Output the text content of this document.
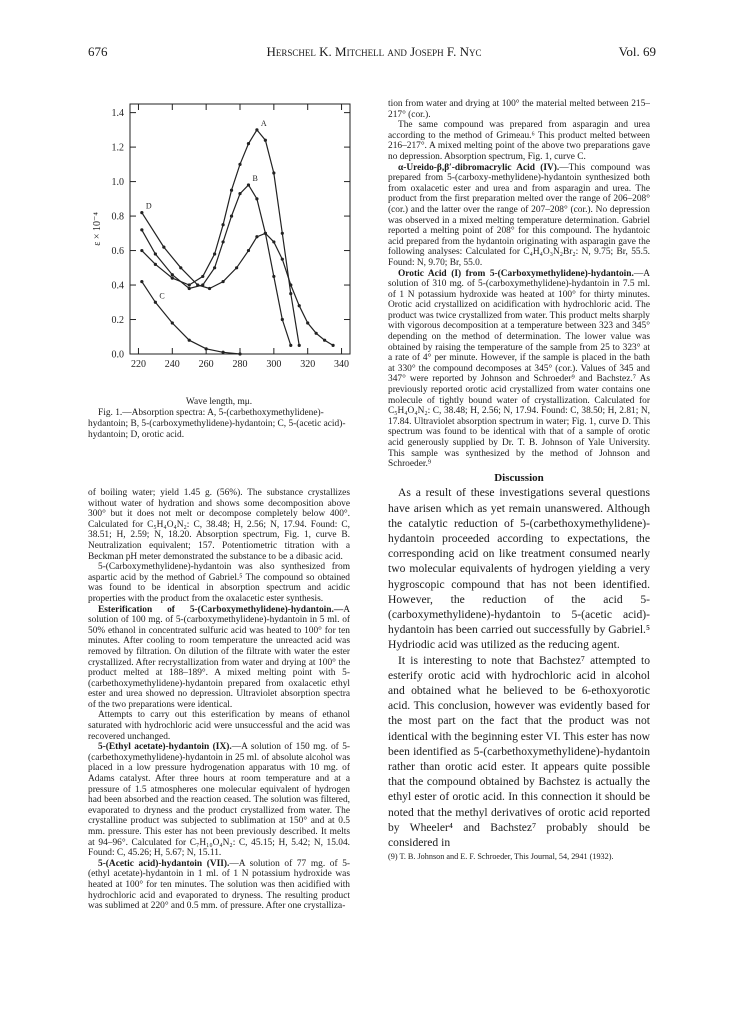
676	Herschel K. Mitchell and Joseph F. Nyc	Vol. 69
1.4
1.2
1.0
0.8
0.6
0.4
0.2
0.0
220 240 260 280 300 320 340
ε × 10⁻⁴
A
B
C
D

Wave length, mμ.

Fig. 1.—Absorption spectra: A, 5-(carbethoxymethylidene)-hydantoin; B, 5-(carboxymethylidene)-hydantoin; C, 5-(acetic acid)-hydantoin; D, orotic acid.

of boiling water; yield 1.45 g. (56%). The substance crystallizes without water of hydration and shows some decomposition above 300° but it does not melt or decompose completely below 400°. Calculated for C₅H₄O₄N₂: C, 38.48; H, 2.56; N, 17.94. Found: C, 38.51; H, 2.59; N, 18.20. Absorption spectrum, Fig. 1, curve B. Neutralization equivalent; 157. Potentiometric titration with a Beckman pH meter demonstrated the substance to be a dibasic acid.

5-(Carboxymethylidene)-hydantoin was also synthesized from aspartic acid by the method of Gabriel.⁵ The compound so obtained was found to be identical in absorption spectrum and acidic properties with the product from the oxalacetic ester synthesis.

Esterification of 5-(Carboxymethylidene)-hydantoin.—A solution of 100 mg. of 5-(carboxymethylidene)-hydantoin in 5 ml. of 50% ethanol in concentrated sulfuric acid was heated to 100° for ten minutes. After cooling to room temperature the unreacted acid was removed by filtration. On dilution of the filtrate with water the ester crystallized. After recrystallization from water and drying at 100° the product melted at 188–189°. A mixed melting point with 5-(carbethoxymethylidene)-hydantoin prepared from oxalacetic ethyl ester and urea showed no depression. Ultraviolet absorption spectra of the two preparations were identical.

Attempts to carry out this esterification by means of ethanol saturated with hydrochloric acid were unsuccessful and the acid was recovered unchanged.

5-(Ethyl acetate)-hydantoin (IX).—A solution of 150 mg. of 5-(carbethoxymethylidene)-hydantoin in 25 ml. of absolute alcohol was placed in a low pressure hydrogenation apparatus with 10 mg. of Adams catalyst. After three hours at room temperature and at a pressure of 1.5 atmospheres one molecular equivalent of hydrogen had been absorbed and the reaction ceased. The solution was filtered, evaporated to dryness and the product crystallized from water. The crystalline product was subjected to sublimation at 150° and at 0.5 mm. pressure. This ester has not been previously described. It melts at 94–96°. Calculated for C₇H₁₀O₄N₂: C, 45.15; H, 5.42; N, 15.04. Found: C, 45.26; H, 5.67; N, 15.11.

5-(Acetic acid)-hydantoin (VII).—A solution of 77 mg. of 5-(ethyl acetate)-hydantoin in 1 ml. of 1 N potassium hydroxide was heated at 100° for ten minutes. The solution was then acidified with hydrochloric acid and evaporated to dryness. The resulting product was sublimed at 220° and 0.5 mm. of pressure. After one crystalliza-

tion from water and drying at 100° the material melted between 215–217° (cor.).

The same compound was prepared from asparagin and urea according to the method of Grimeau.⁶ This product melted between 216–217°. A mixed melting point of the above two preparations gave no depression. Absorption spectrum, Fig. 1, curve C.

α-Ureido-β,β′-dibromacrylic Acid (IV).—This compound was prepared from 5-(carboxy-methylidene)-hydantoin synthesized both from oxalacetic ester and urea and from asparagin and urea. The product from the first preparation melted over the range of 206–208° (cor.) and the latter over the range of 207–208° (cor.). No depression was observed in a mixed melting temperature determination. Gabriel reported a melting point of 208° for this compound. The hydantoic acid prepared from the hydantoin originating with asparagin gave the following analyses: Calculated for C₄H₄O₃N₂Br₂: N, 9.75; Br, 55.5. Found: N, 9.70; Br, 55.0.

Orotic Acid (I) from 5-(Carboxymethylidene)-hydantoin.—A solution of 310 mg. of 5-(carboxymethylidene)-hydantoin in 7.5 ml. of 1 N potassium hydroxide was heated at 100° for thirty minutes. Orotic acid crystallized on acidification with hydrochloric acid. The product was twice crystallized from water. This product melts sharply with vigorous decomposition at a temperature between 323 and 345° depending on the method of determination. The lower value was obtained by raising the temperature of the sample from 25 to 323° at a rate of 4° per minute. However, if the sample is placed in the bath at 330° the compound decomposes at 345° (cor.). Values of 345 and 347° were reported by Johnson and Schroeder⁹ and Bachstez.⁷ As previously reported orotic acid crystallized from water contains one molecule of tightly bound water of crystallization. Calculated for C₅H₄O₄N₂: C, 38.48; H, 2.56; N, 17.94. Found: C, 38.50; H, 2.81; N, 17.84. Ultraviolet absorption spectrum in water; Fig. 1, curve D. This spectrum was found to be identical with that of a sample of orotic acid generously supplied by Dr. T. B. Johnson of Yale University. This sample was synthesized by the method of Johnson and Schroeder.⁹

Discussion

As a result of these investigations several questions have arisen which as yet remain unanswered. Although the catalytic reduction of 5-(carbethoxymethylidene)-hydantoin proceeded according to expectations, the corresponding acid on like treatment consumed nearly two molecular equivalents of hydrogen yielding a very hygroscopic compound that has not been identified. However, the reduction of the acid 5-(carboxymethylidene)-hydantoin to 5-(acetic acid)-hydantoin has been carried out successfully by Gabriel.⁵ Hydriodic acid was utilized as the reducing agent.

It is interesting to note that Bachstez⁷ attempted to esterify orotic acid with hydrochloric acid in alcohol and obtained what he believed to be 6-ethoxyorotic acid. This conclusion, however was evidently based for the most part on the fact that the product was not identical with the beginning ester VI. This ester has now been identified as 5-(carbethoxymethylidene)-hydantoin rather than orotic acid ester. It appears quite possible that the compound obtained by Bachstez is actually the ethyl ester of orotic acid. In this connection it should be noted that the methyl derivatives of orotic acid reported by Wheeler⁴ and Bachstez⁷ probably should be considered in

(9) T. B. Johnson and E. F. Schroeder, This Journal, 54, 2941 (1932).
